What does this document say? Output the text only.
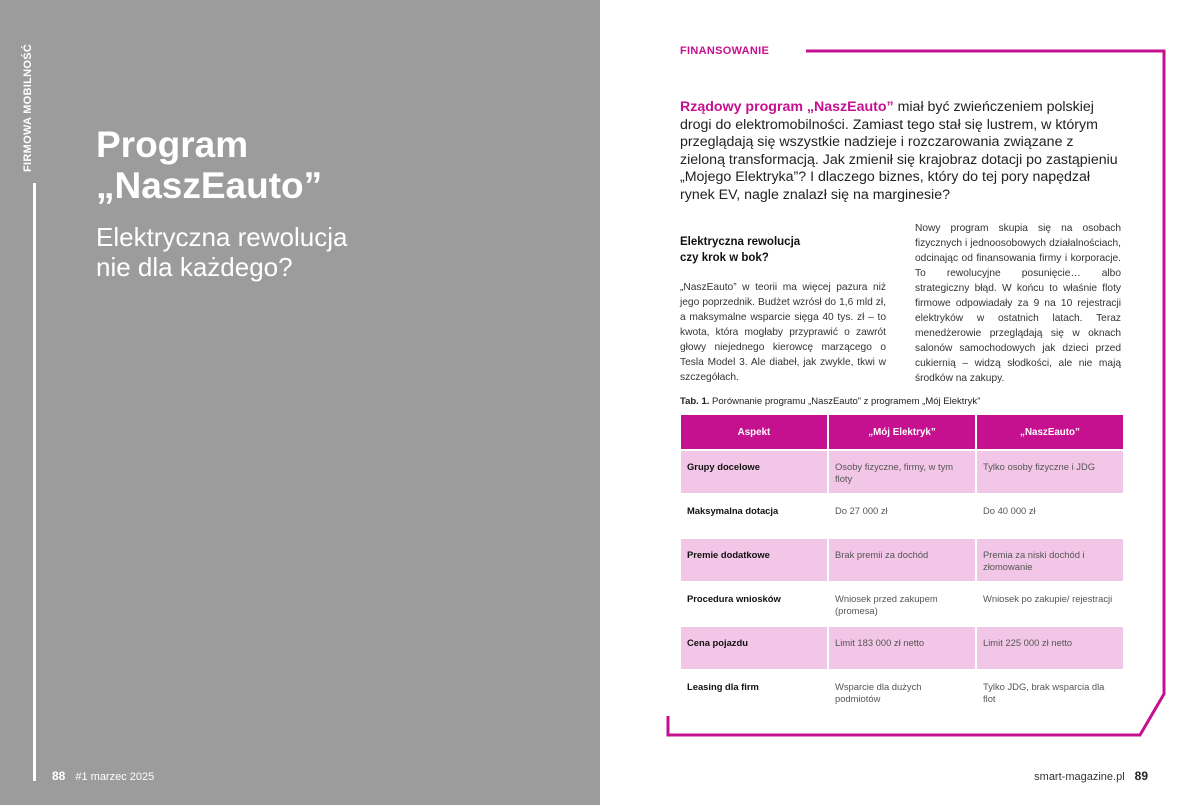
FIRMOWA MOBILNOŚĆ Program
„NaszEauto”
Elektryczna rewolucja
nie dla każdego?
88 #1 marzec 2025
FINANSOWANIE

Rządowy program „NaszEauto” miał być zwieńczeniem polskiej drogi do elektromobilności. Zamiast tego stał się lustrem, w którym przeglądają się wszystkie nadzieje i rozczarowania związane z zieloną transformacją. Jak zmienił się krajobraz dotacji po zastąpieniu „Mojego Elektryka”? I dlaczego biznes, który do tej pory napędzał rynek EV, nagle znalazł się na marginesie?

Elektryczna rewolucja
czy krok w bok?

„NaszEauto” w teorii ma więcej pazura niż jego poprzednik. Budżet wzrósł do 1,6 mld zł, a maksymalne wsparcie sięga 40 tys. zł – to kwota, która mogłaby przyprawić o zawrót głowy niejednego kierowcę marzącego o Tesla Model 3. Ale diabeł, jak zwykle, tkwi w szczegółach.

Nowy program skupia się na osobach fizycznych i jednoosobowych działalnościach, odcinając od finansowania firmy i korporacje. To rewolucyjne posunięcie… albo strategiczny błąd. W końcu to właśnie floty firmowe odpowiadały za 9 na 10 rejestracji elektryków w ostatnich latach. Teraz menedżerowie przeglądają się w oknach salonów samochodowych jak dzieci przed cukiernią – widzą słodkości, ale nie mają środków na zakupy.

Tab. 1. Porównanie programu „NaszEauto” z programem „Mój Elektryk”
Aspekt	„Mój Elektryk”	„NaszEauto”
Grupy docelowe	Osoby fizyczne, firmy, w tym floty	Tylko osoby fizyczne i JDG
Maksymalna dotacja	Do 27 000 zł	Do 40 000 zł
Premie dodatkowe	Brak premii za dochód	Premia za niski dochód i złomowanie
Procedura wniosków	Wniosek przed zakupem (promesa)	Wniosek po zakupie/ rejestracji
Cena pojazdu	Limit 183 000 zł netto	Limit 225 000 zł netto
Leasing dla firm	Wsparcie dla dużych podmiotów	Tylko JDG, brak wsparcia dla flot
smart-magazine.pl 89
